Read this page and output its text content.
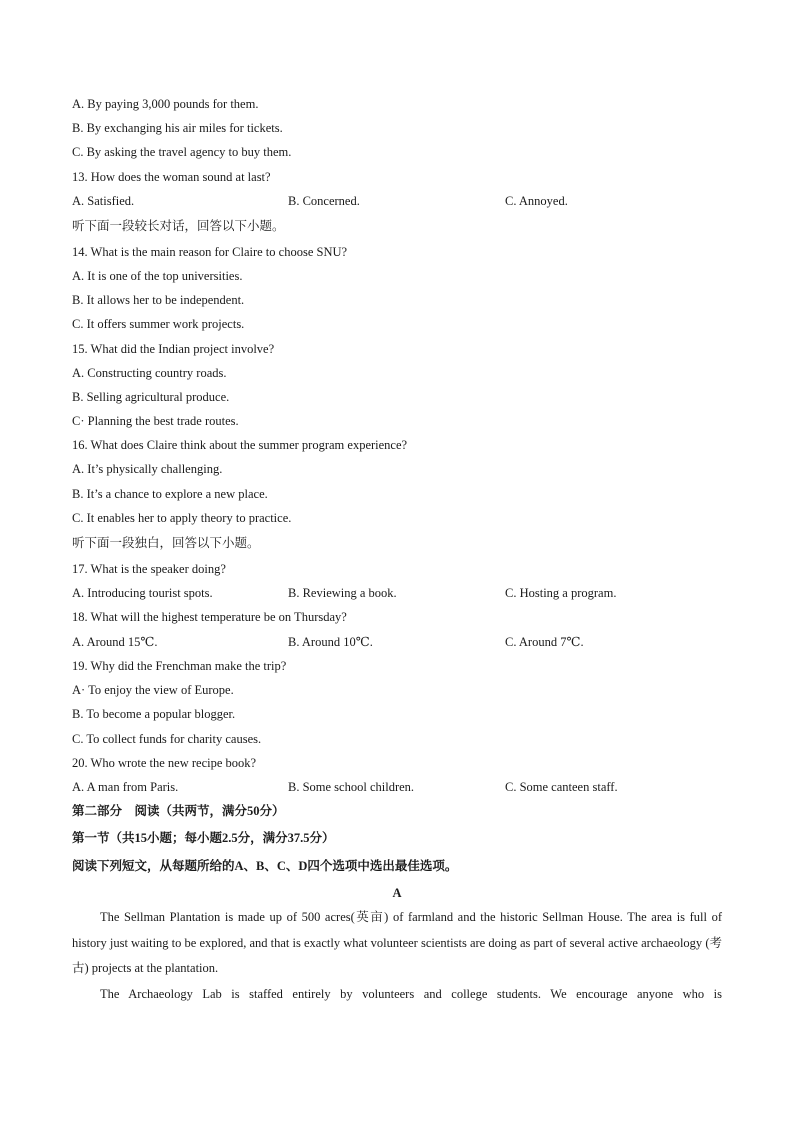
A. By paying 3,000 pounds for them.
B. By exchanging his air miles for tickets.
C. By asking the travel agency to buy them.
13. How does the woman sound at last?
A. Satisfied.	B. Concerned.	C. Annoyed.
听下面一段较长对话，回答以下小题。
14. What is the main reason for Claire to choose SNU?
A. It is one of the top universities.
B. It allows her to be independent.
C. It offers summer work projects.
15. What did the Indian project involve?
A. Constructing country roads.
B. Selling agricultural produce.
C· Planning the best trade routes.
16. What does Claire think about the summer program experience?
A. It’s physically challenging.
B. It’s a chance to explore a new place.
C. It enables her to apply theory to practice.
听下面一段独白，回答以下小题。
17. What is the speaker doing?
A. Introducing tourist spots.	B. Reviewing a book.	C. Hosting a program.
18. What will the highest temperature be on Thursday?
A. Around 15℃.	B. Around 10℃.	C. Around 7℃.
19. Why did the Frenchman make the trip?
A· To enjoy the view of Europe.
B. To become a popular blogger.
C. To collect funds for charity causes.
20. Who wrote the new recipe book?
A. A man from Paris.	B. Some school children.	C. Some canteen staff.
第二部分　阅读（共两节，满分50分）
第一节（共15小题；每小题2.5分，满分37.5分）
阅读下列短文，从每题所给的A、B、C、D四个选项中选出最佳选项。
A

The Sellman Plantation is made up of 500 acres(英亩) of farmland and the historic Sellman House. The area is full of history just waiting to be explored, and that is exactly what volunteer scientists are doing as part of several active archaeology (考古) projects at the plantation.

The Archaeology Lab is staffed entirely by volunteers and college students. We encourage anyone who is
